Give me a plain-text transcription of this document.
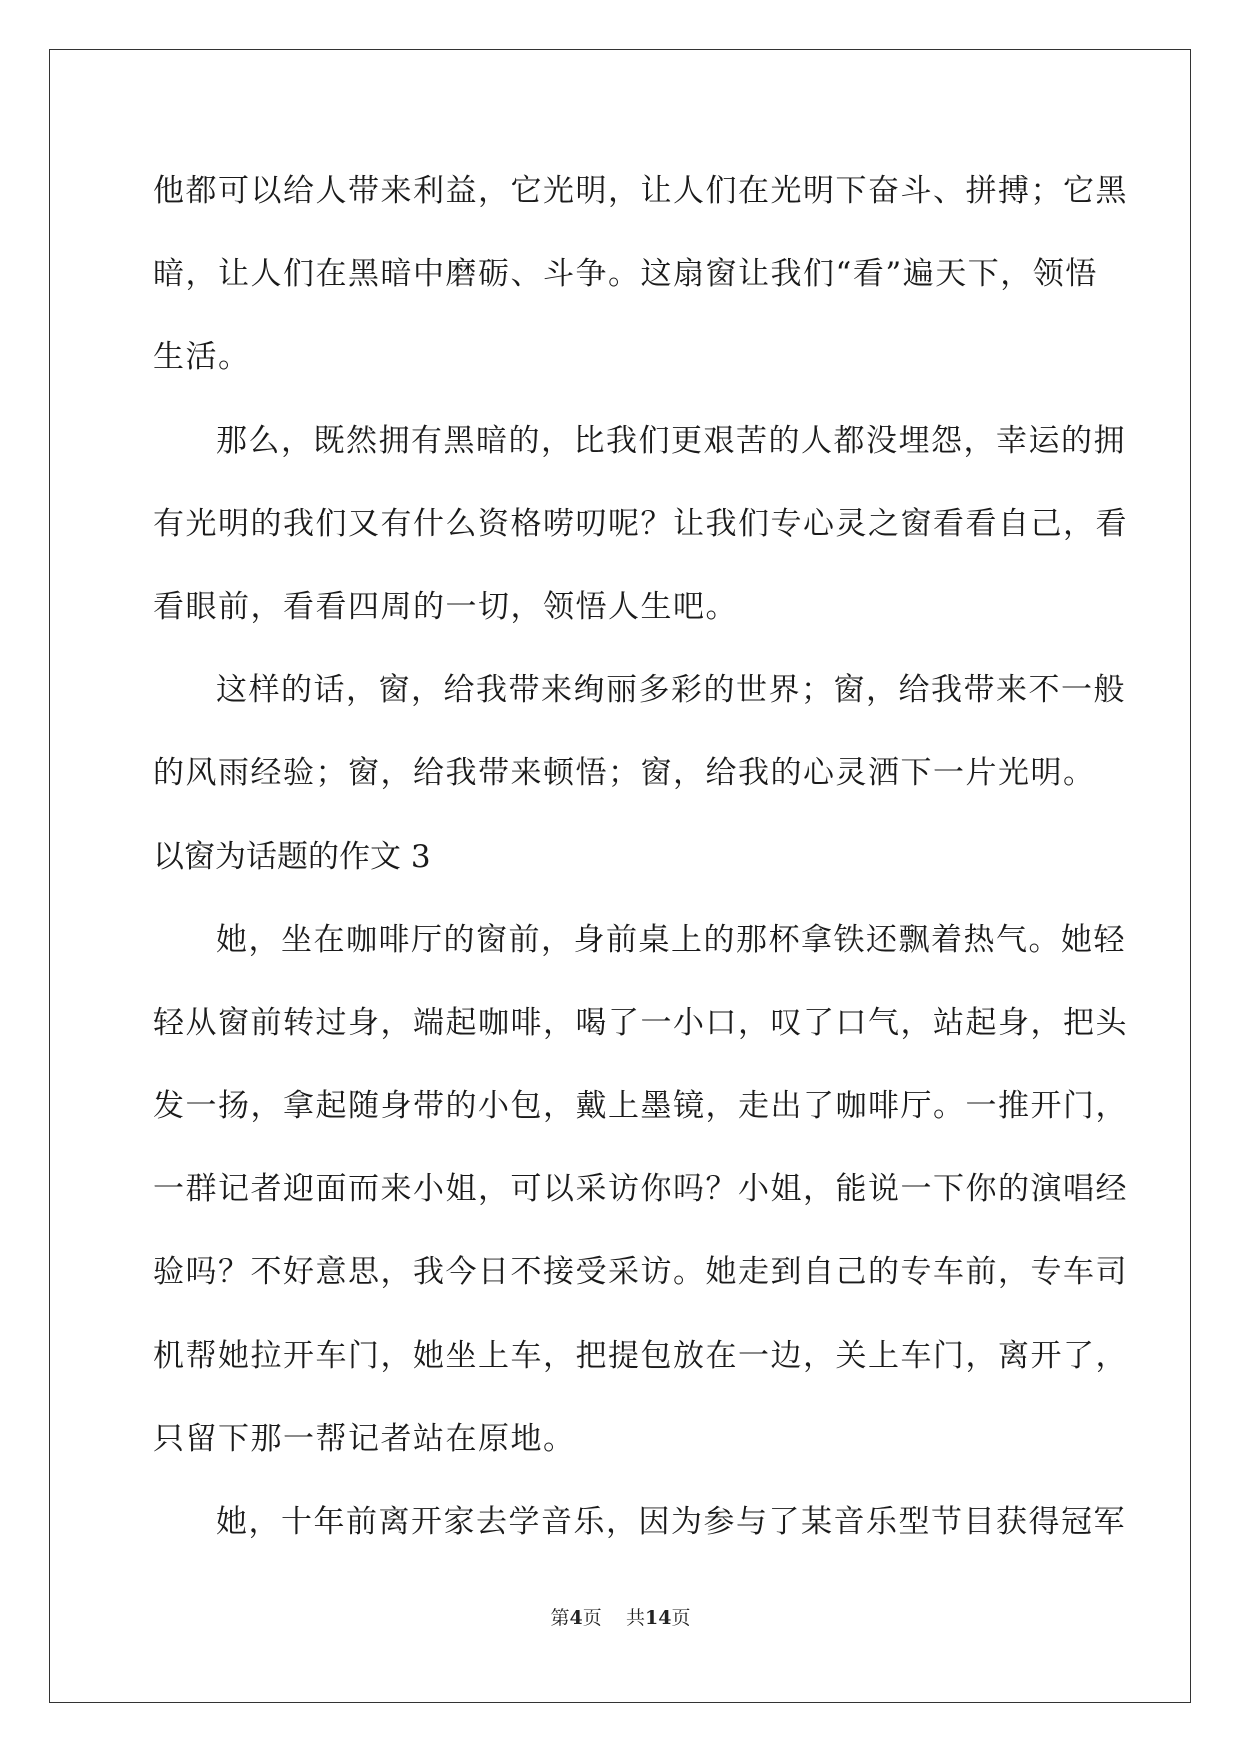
他都可以给人带来利益，它光明，让人们在光明下奋斗、拼搏；它黑
暗，让人们在黑暗中磨砺、斗争。这扇窗让我们“看”遍天下，领悟
生活。
那么，既然拥有黑暗的，比我们更艰苦的人都没埋怨，幸运的拥
有光明的我们又有什么资格唠叨呢？让我们专心灵之窗看看自己，看
看眼前，看看四周的一切，领悟人生吧。
这样的话，窗，给我带来绚丽多彩的世界；窗，给我带来不一般
的风雨经验；窗，给我带来顿悟；窗，给我的心灵洒下一片光明。
以窗为话题的作文 3
她，坐在咖啡厅的窗前，身前桌上的那杯拿铁还飘着热气。她轻
轻从窗前转过身，端起咖啡，喝了一小口，叹了口气，站起身，把头
发一扬，拿起随身带的小包，戴上墨镜，走出了咖啡厅。一推开门，
一群记者迎面而来小姐，可以采访你吗？小姐，能说一下你的演唱经
验吗？不好意思，我今日不接受采访。她走到自己的专车前，专车司
机帮她拉开车门，她坐上车，把提包放在一边，关上车门，离开了，
只留下那一帮记者站在原地。
她，十年前离开家去学音乐，因为参与了某音乐型节目获得冠军
第4页 共14页
